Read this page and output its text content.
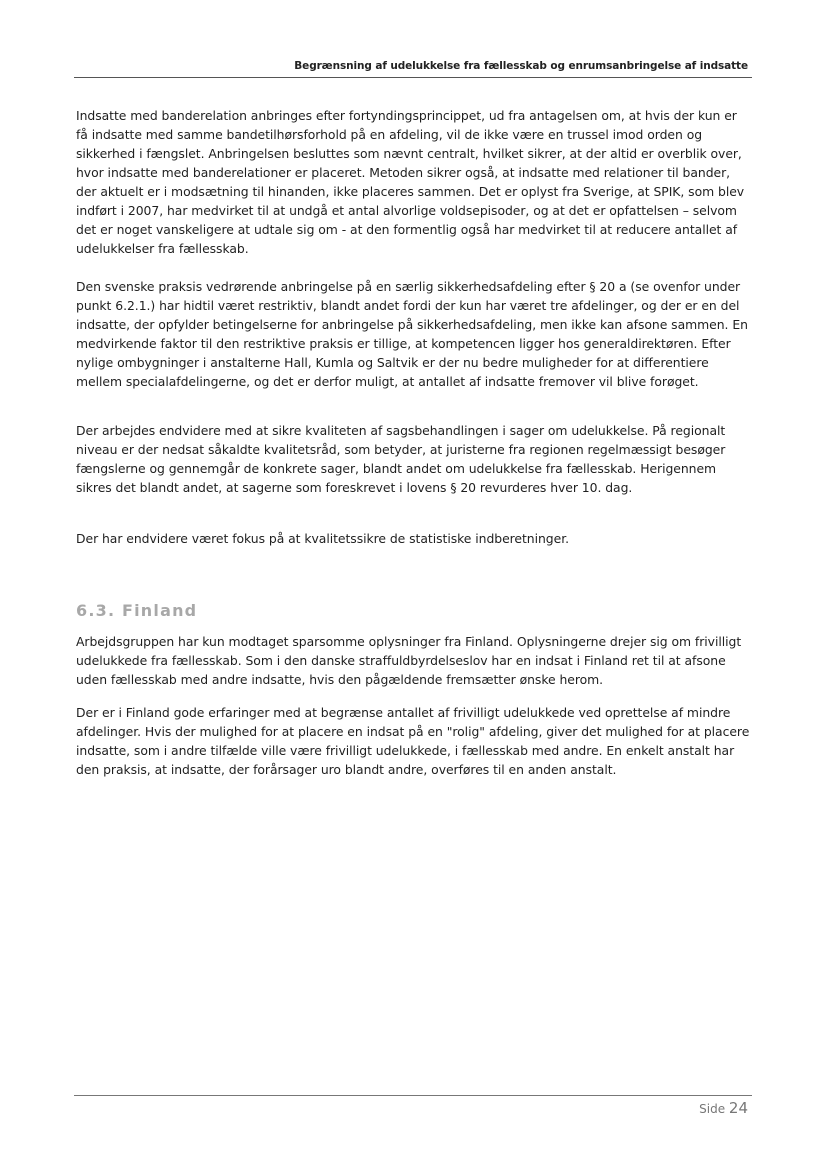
Begrænsning af udelukkelse fra fællesskab og enrumsanbringelse af indsatte

Indsatte med banderelation anbringes efter fortyndingsprincippet, ud fra antagelsen om, at hvis der kun er få indsatte med samme bandetilhørsforhold på en afdeling, vil de ikke være en trussel imod orden og sikkerhed i fængslet. Anbringelsen besluttes som nævnt centralt, hvilket sikrer, at der altid er overblik over, hvor indsatte med banderelationer er placeret. Metoden sikrer også, at indsatte med relationer til bander, der aktuelt er i modsætning til hinanden, ikke placeres sammen. Det er oplyst fra Sverige, at SPIK, som blev indført i 2007, har medvirket til at undgå et antal alvorlige voldsepisoder, og at det er opfattelsen – selvom det er noget vanskeligere at udtale sig om - at den formentlig også har medvirket til at reducere antallet af udelukkelser fra fællesskab.

Den svenske praksis vedrørende anbringelse på en særlig sikkerhedsafdeling efter § 20 a (se ovenfor under punkt 6.2.1.) har hidtil været restriktiv, blandt andet fordi der kun har været tre afdelinger, og der er en del indsatte, der opfylder betingelserne for anbringelse på sikkerhedsafdeling, men ikke kan afsone sammen. En medvirkende faktor til den restriktive praksis er tillige, at kompetencen ligger hos generaldirektøren. Efter nylige ombygninger i anstalterne Hall, Kumla og Saltvik er der nu bedre muligheder for at differentiere mellem specialafdelingerne, og det er derfor muligt, at antallet af indsatte fremover vil blive forøget.

Der arbejdes endvidere med at sikre kvaliteten af sagsbehandlingen i sager om udelukkelse. På regionalt niveau er der nedsat såkaldte kvalitetsråd, som betyder, at juristerne fra regionen regelmæssigt besøger fængslerne og gennemgår de konkrete sager, blandt andet om udelukkelse fra fællesskab. Herigennem sikres det blandt andet, at sagerne som foreskrevet i lovens § 20 revurderes hver 10. dag.

Der har endvidere været fokus på at kvalitetssikre de statistiske indberetninger.

6.3. Finland

Arbejdsgruppen har kun modtaget sparsomme oplysninger fra Finland. Oplysningerne drejer sig om frivilligt udelukkede fra fællesskab. Som i den danske straffuldbyrdelseslov har en indsat i Finland ret til at afsone uden fællesskab med andre indsatte, hvis den pågældende fremsætter ønske herom.

Der er i Finland gode erfaringer med at begrænse antallet af frivilligt udelukkede ved oprettelse af mindre afdelinger. Hvis der mulighed for at placere en indsat på en "rolig" afdeling, giver det mulighed for at placere indsatte, som i andre tilfælde ville være frivilligt udelukkede, i fællesskab med andre. En enkelt anstalt har den praksis, at indsatte, der forårsager uro blandt andre, overføres til en anden anstalt.

Side 24
